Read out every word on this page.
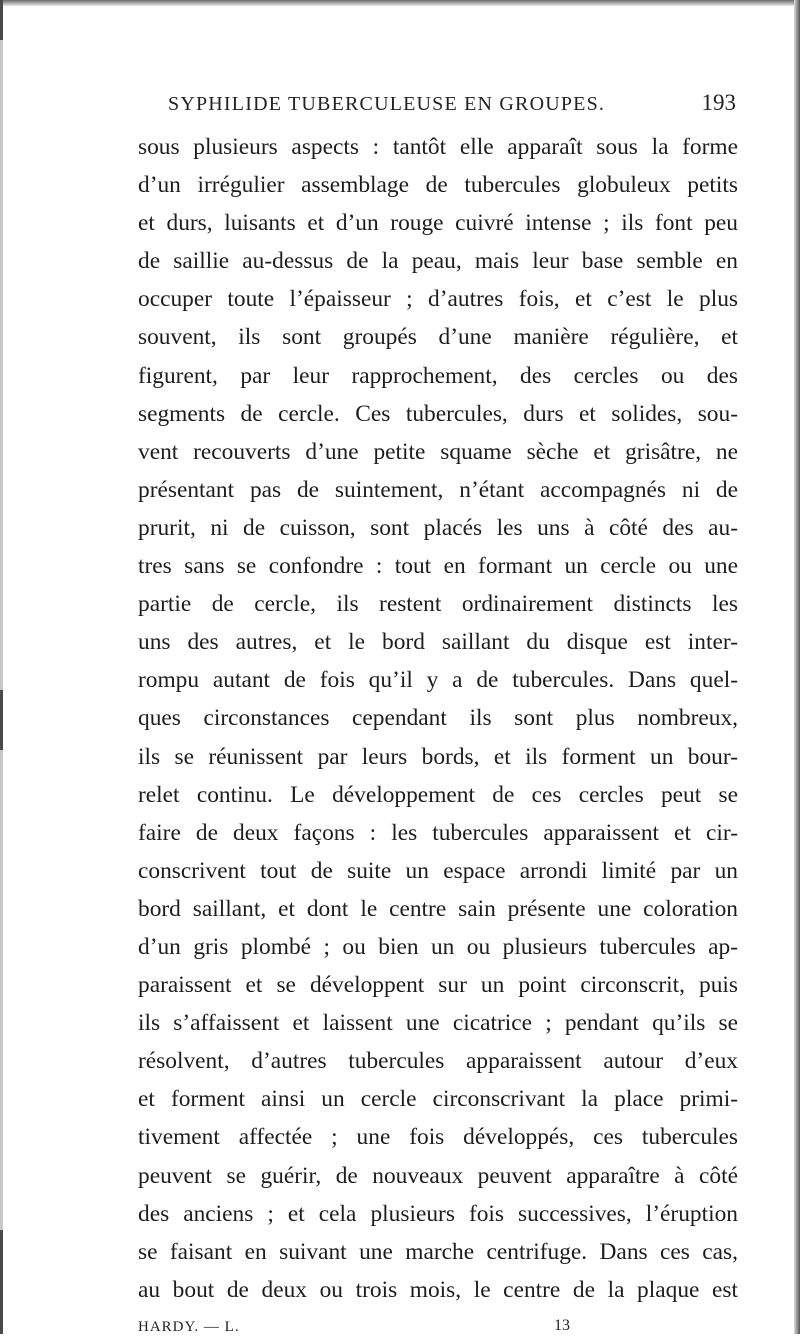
SYPHILIDE TUBERCULEUSE EN GROUPES.	193
sous plusieurs aspects : tantôt elle apparaît sous la forme
d’un irrégulier assemblage de tubercules globuleux petits
et durs, luisants et d’un rouge cuivré intense ; ils font peu
de saillie au-dessus de la peau, mais leur base semble en
occuper toute l’épaisseur ; d’autres fois, et c’est le plus
souvent, ils sont groupés d’une manière régulière, et
figurent, par leur rapprochement, des cercles ou des
segments de cercle. Ces tubercules, durs et solides, sou-
vent recouverts d’une petite squame sèche et grisâtre, ne
présentant pas de suintement, n’étant accompagnés ni de
prurit, ni de cuisson, sont placés les uns à côté des au-
tres sans se confondre : tout en formant un cercle ou une
partie de cercle, ils restent ordinairement distincts les
uns des autres, et le bord saillant du disque est inter-
rompu autant de fois qu’il y a de tubercules. Dans quel-
ques circonstances cependant ils sont plus nombreux,
ils se réunissent par leurs bords, et ils forment un bour-
relet continu. Le développement de ces cercles peut se
faire de deux façons : les tubercules apparaissent et cir-
conscrivent tout de suite un espace arrondi limité par un
bord saillant, et dont le centre sain présente une coloration
d’un gris plombé ; ou bien un ou plusieurs tubercules ap-
paraissent et se développent sur un point circonscrit, puis
ils s’affaissent et laissent une cicatrice ; pendant qu’ils se
résolvent, d’autres tubercules apparaissent autour d’eux
et forment ainsi un cercle circonscrivant la place primi-
tivement affectée ; une fois développés, ces tubercules
peuvent se guérir, de nouveaux peuvent apparaître à côté
des anciens ; et cela plusieurs fois successives, l’éruption
se faisant en suivant une marche centrifuge. Dans ces cas,
au bout de deux ou trois mois, le centre de la plaque est
HARDY. — L.	13
